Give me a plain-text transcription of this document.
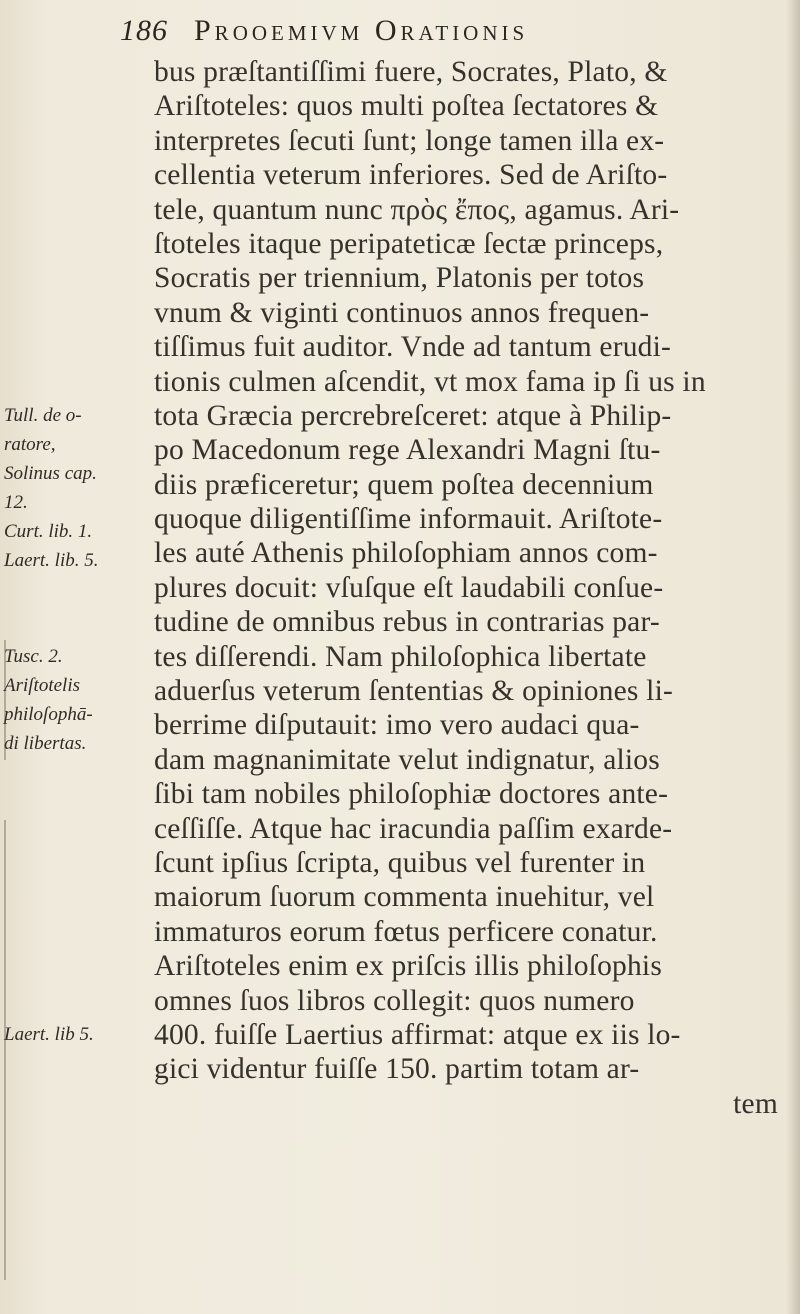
186 Prooemivm Orationis
bus præſtantiſſimi fuere, Socrates, Plato, &
Ariſtoteles: quos multi poſtea ſectatores &
interpretes ſecuti ſunt; longe tamen illa ex-
cellentia veterum inferiores. Sed de Ariſto-
tele, quantum nunc πρὸς ἔπος, agamus. Ari-
ſtoteles itaque peripateticæ ſectæ princeps,
Socratis per triennium, Platonis per totos
vnum & viginti continuos annos frequen-
tiſſimus fuit auditor. Vnde ad tantum erudi-
tionis culmen aſcendit, vt mox fama ip ſi us in
tota Græcia percrebreſceret: atque à Philip-
po Macedonum rege Alexandri Magni ſtu-
diis præficeretur; quem poſtea decennium
quoque diligentiſſime informauit. Ariſtote-
les auté Athenis philoſophiam annos com-
plures docuit: vſuſque eſt laudabili conſue-
tudine de omnibus rebus in contrarias par-
tes diſſerendi. Nam philoſophica libertate
aduerſus veterum ſententias & opiniones li-
berrime diſputauit: imo vero audaci qua-
dam magnanimitate velut indignatur, alios
ſibi tam nobiles philoſophiæ doctores ante-
ceſſiſſe. Atque hac iracundia paſſim exarde-
ſcunt ipſius ſcripta, quibus vel furenter in
maiorum ſuorum commenta inuehitur, vel
immaturos eorum fœtus perficere conatur.
Ariſtoteles enim ex priſcis illis philoſophis
omnes ſuos libros collegit: quos numero
400. fuiſſe Laertius affirmat: atque ex iis lo-
gici videntur fuiſſe 150. partim totam ar-
tem
Tull. de o-
ratore,
Solinus cap.
12.
Curt. lib. 1.
Laert. lib. 5.
Tusc. 2.
Ariſtotelis
philoſophā-
di libertas.
Laert. lib 5.
